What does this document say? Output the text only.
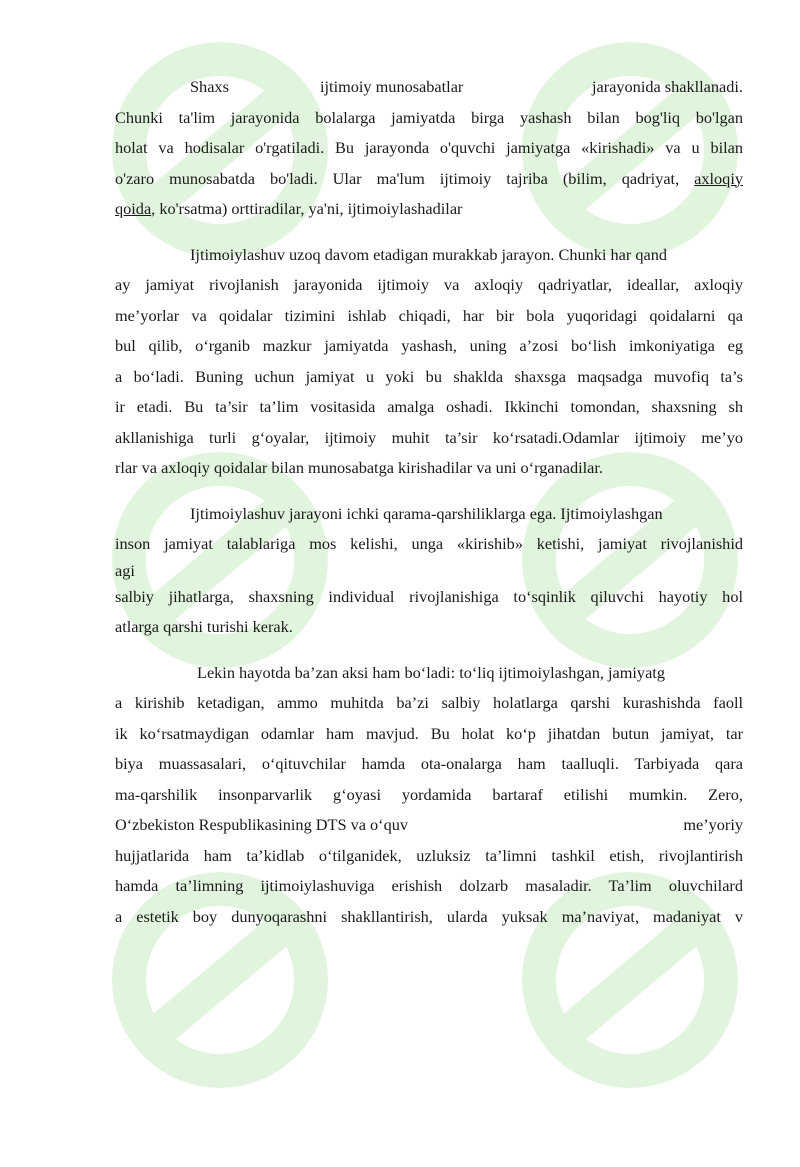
Shaxs	ijtimoiy munosabatlar	jarayonida shakllanadi.
Chunki ta'lim jarayonida bolalarga jamiyatda birga yashash bilan bog'liq bo'lgan
holat va hodisalar o'rgatiladi. Bu jarayonda o'quvchi jamiyatga «kirishadi» va u bilan
o'zaro munosabatda bo'ladi. Ular ma'lum ijtimoiy tajriba (bilim, qadriyat, axloqiy
qoida, ko'rsatma) orttiradilar, ya'ni, ijtimoiylashadilar
Ijtimoiylashuv uzoq davom etadigan murakkab jarayon. Chunki har qand
ay jamiyat rivojlanish jarayonida ijtimoiy va axloqiy qadriyatlar, ideallar, axloqiy
me’yorlar va qoidalar tizimini ishlab chiqadi, har bir bola yuqoridagi qoidalarni qa
bul qilib, o‘rganib mazkur jamiyatda yashash, uning a’zosi bo‘lish imkoniyatiga eg
a bo‘ladi. Buning uchun jamiyat u yoki bu shaklda shaxsga maqsadga muvofiq ta’s
ir etadi. Bu ta’sir ta’lim vositasida amalga oshadi. Ikkinchi tomondan, shaxsning sh
akllanishiga turli g‘oyalar, ijtimoiy muhit ta’sir ko‘rsatadi.Odamlar ijtimoiy me’yo
rlar va axloqiy qoidalar bilan munosabatga kirishadilar va uni o‘rganadilar.
Ijtimoiylashuv jarayoni ichki qarama-qarshiliklarga ega. Ijtimoiylashgan
inson jamiyat talablariga mos kelishi, unga «kirishib» ketishi, jamiyat rivojlanishid
agi
salbiy jihatlarga, shaxsning individual rivojlanishiga to‘sqinlik qiluvchi hayotiy hol
atlarga qarshi turishi kerak.
Lekin hayotda ba’zan aksi ham bo‘ladi: to‘liq ijtimoiylashgan, jamiyatg
a kirishib ketadigan, ammo muhitda ba’zi salbiy holatlarga qarshi kurashishda faoll
ik ko‘rsatmaydigan odamlar ham mavjud. Bu holat ko‘p jihatdan butun jamiyat, tar
biya muassasalari, o‘qituvchilar hamda ota-onalarga ham taalluqli. Tarbiyada qara
ma-qarshilik insonparvarlik g‘oyasi yordamida bartaraf etilishi mumkin. Zero,
O‘zbekiston Respublikasining DTS va o‘quv	me’yoriy
hujjatlarida ham ta’kidlab o‘tilganidek, uzluksiz ta’limni tashkil etish, rivojlantirish
hamda ta’limning ijtimoiylashuviga erishish dolzarb masaladir. Ta’lim oluvchilard
a estetik boy dunyoqarashni shakllantirish, ularda yuksak ma’naviyat, madaniyat v
